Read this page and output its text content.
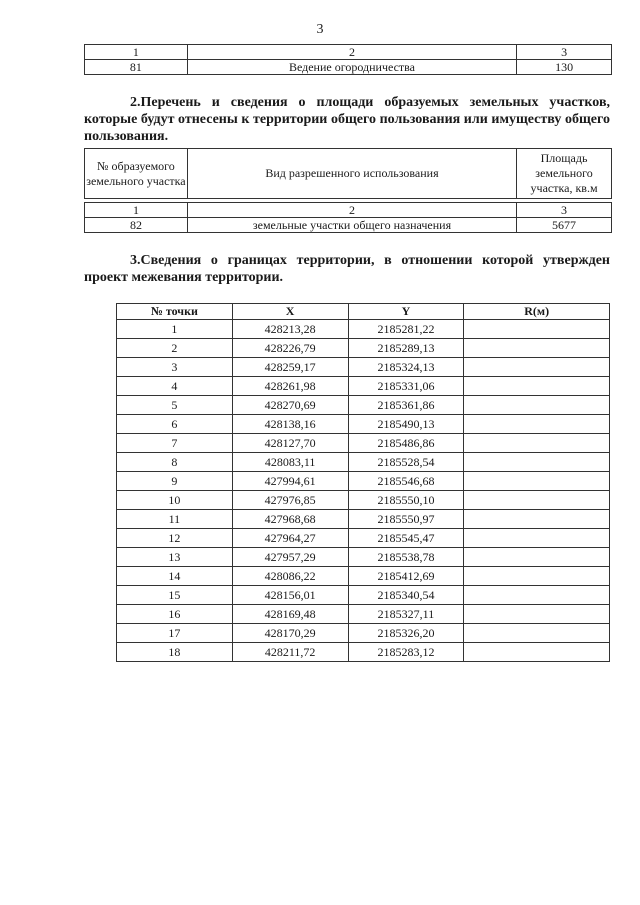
3
1	2	3
81	Ведение огородничества	130
2.Перечень и сведения о площади образуемых земельных участков, которые будут отнесены к территории общего пользования или имуществу общего пользования.
№ образуемого земельного участка	Вид разрешенного использования	Площадь земельного участка, кв.м

1	2	3
82	земельные участки общего назначения	5677
3.Сведения о границах территории, в отношении которой утвержден проект межевания территории.
№ точки	X	Y	R(м)
1	428213,28	2185281,22	
2	428226,79	2185289,13	
3	428259,17	2185324,13	
4	428261,98	2185331,06	
5	428270,69	2185361,86	
6	428138,16	2185490,13	
7	428127,70	2185486,86	
8	428083,11	2185528,54	
9	427994,61	2185546,68	
10	427976,85	2185550,10	
11	427968,68	2185550,97	
12	427964,27	2185545,47	
13	427957,29	2185538,78	
14	428086,22	2185412,69	
15	428156,01	2185340,54	
16	428169,48	2185327,11	
17	428170,29	2185326,20	
18	428211,72	2185283,12	
